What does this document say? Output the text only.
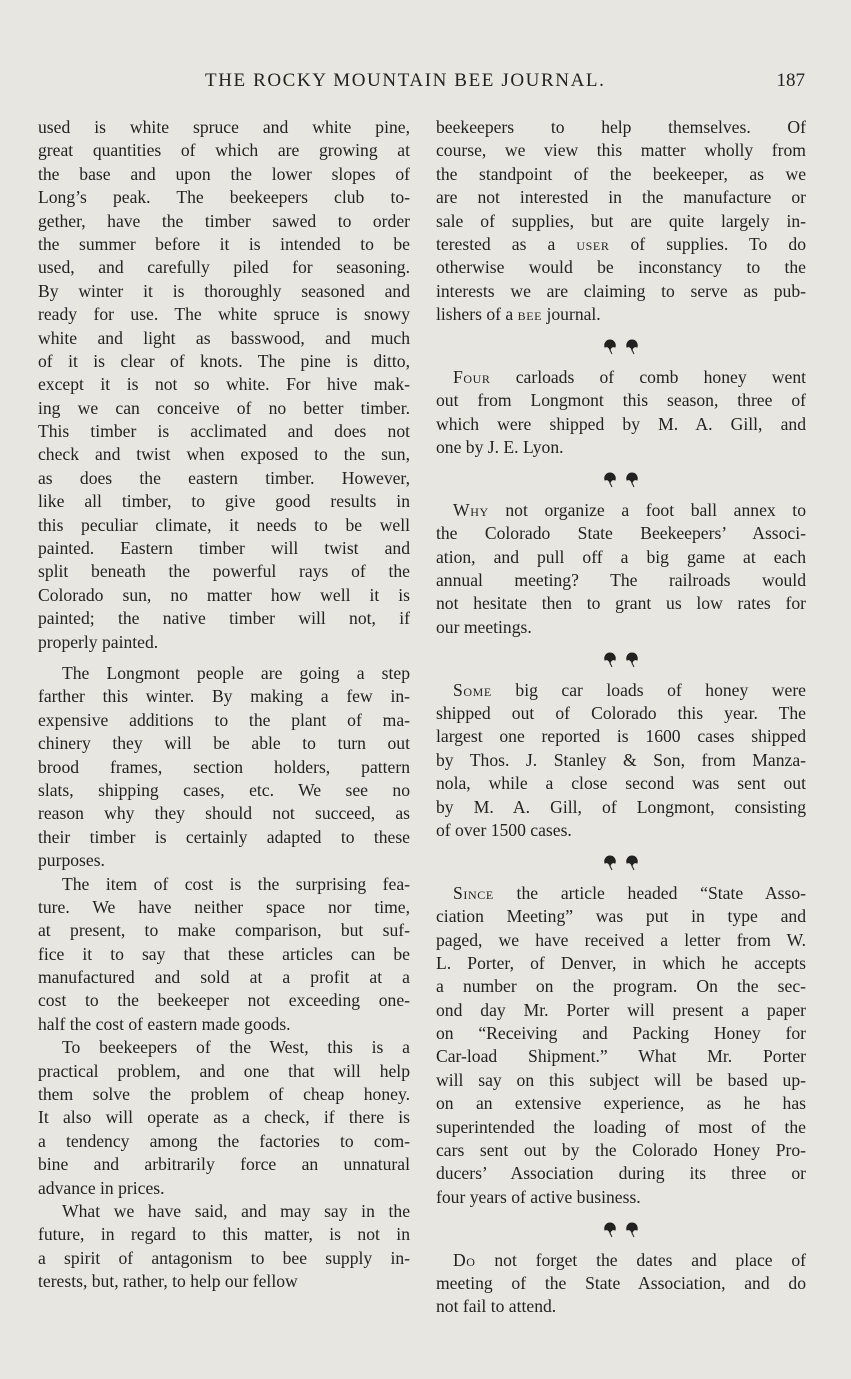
THE ROCKY MOUNTAIN BEE JOURNAL.	187
used is white spruce and white pine,
great quantities of which are growing at
the base and upon the lower slopes of
Long’s peak. The beekeepers club to-
gether, have the timber sawed to order
the summer before it is intended to be
used, and carefully piled for seasoning.
By winter it is thoroughly seasoned and
ready for use. The white spruce is snowy
white and light as basswood, and much
of it is clear of knots. The pine is ditto,
except it is not so white. For hive mak-
ing we can conceive of no better timber.
This timber is acclimated and does not
check and twist when exposed to the sun,
as does the eastern timber. However,
like all timber, to give good results in
this peculiar climate, it needs to be well
painted. Eastern timber will twist and
split beneath the powerful rays of the
Colorado sun, no matter how well it is
painted; the native timber will not, if
properly painted.
The Longmont people are going a step
farther this winter. By making a few in-
expensive additions to the plant of ma-
chinery they will be able to turn out
brood frames, section holders, pattern
slats, shipping cases, etc. We see no
reason why they should not succeed, as
their timber is certainly adapted to these
purposes.
The item of cost is the surprising fea-
ture. We have neither space nor time,
at present, to make comparison, but suf-
fice it to say that these articles can be
manufactured and sold at a profit at a
cost to the beekeeper not exceeding one-
half the cost of eastern made goods.
To beekeepers of the West, this is a
practical problem, and one that will help
them solve the problem of cheap honey.
It also will operate as a check, if there is
a tendency among the factories to com-
bine and arbitrarily force an unnatural
advance in prices.
What we have said, and may say in the
future, in regard to this matter, is not in
a spirit of antagonism to bee supply in-
terests, but, rather, to help our fellow
beekeepers to help themselves. Of
course, we view this matter wholly from
the standpoint of the beekeeper, as we
are not interested in the manufacture or
sale of supplies, but are quite largely in-
terested as a user of supplies. To do
otherwise would be inconstancy to the
interests we are claiming to serve as pub-
lishers of a bee journal.
Four carloads of comb honey went
out from Longmont this season, three of
which were shipped by M. A. Gill, and
one by J. E. Lyon.
Why not organize a foot ball annex to
the Colorado State Beekeepers’ Associ-
ation, and pull off a big game at each
annual meeting? The railroads would
not hesitate then to grant us low rates for
our meetings.
Some big car loads of honey were
shipped out of Colorado this year. The
largest one reported is 1600 cases shipped
by Thos. J. Stanley & Son, from Manza-
nola, while a close second was sent out
by M. A. Gill, of Longmont, consisting
of over 1500 cases.
Since the article headed “State Asso-
ciation Meeting” was put in type and
paged, we have received a letter from W.
L. Porter, of Denver, in which he accepts
a number on the program. On the sec-
ond day Mr. Porter will present a paper
on “Receiving and Packing Honey for
Car-load Shipment.” What Mr. Porter
will say on this subject will be based up-
on an extensive experience, as he has
superintended the loading of most of the
cars sent out by the Colorado Honey Pro-
ducers’ Association during its three or
four years of active business.
Do not forget the dates and place of
meeting of the State Association, and do
not fail to attend.
